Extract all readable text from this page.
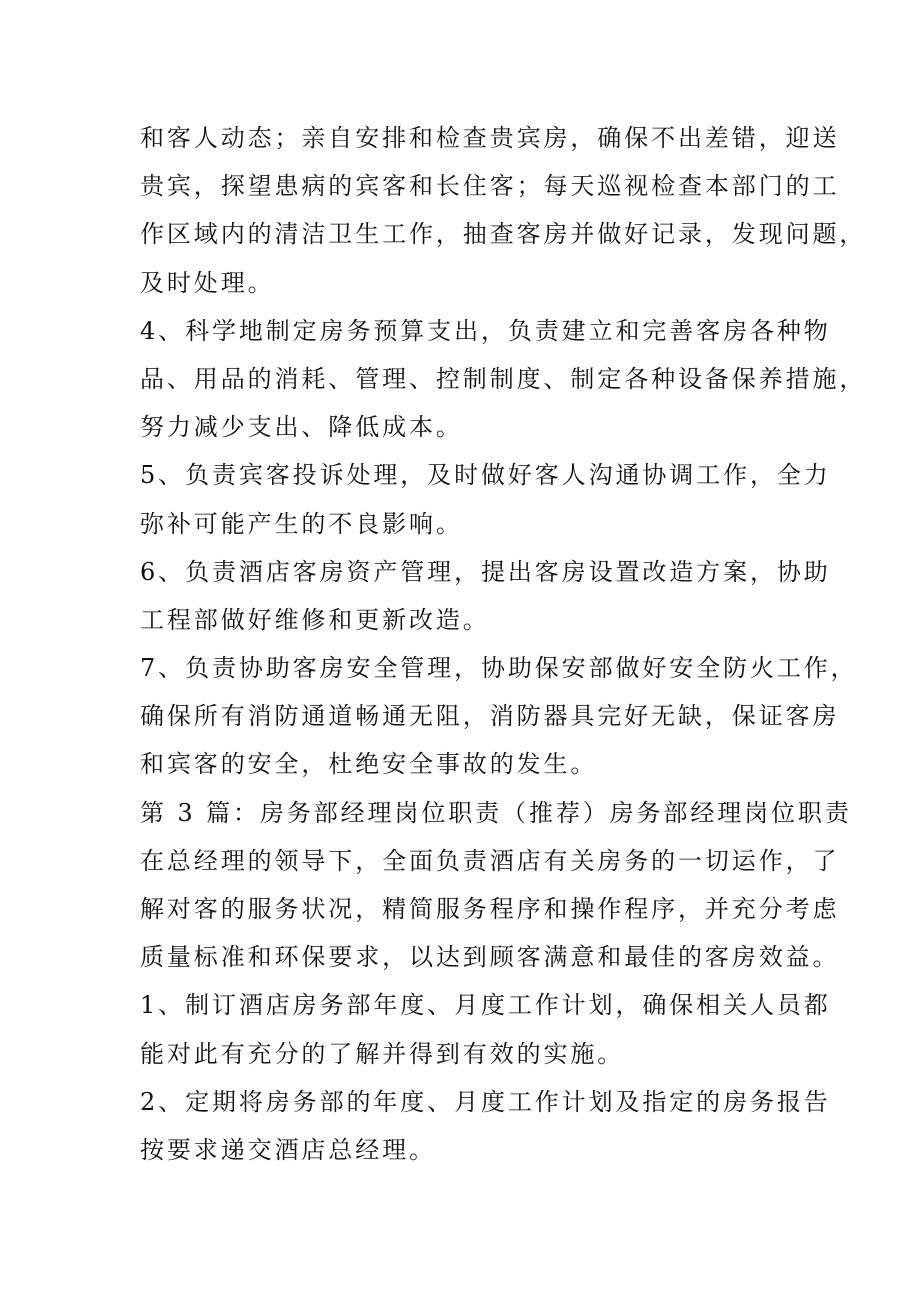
和客人动态；亲自安排和检查贵宾房，确保不出差错，迎送

贵宾，探望患病的宾客和长住客；每天巡视检查本部门的工

作区域内的清洁卫生工作，抽查客房并做好记录，发现问题，

及时处理。

4、科学地制定房务预算支出，负责建立和完善客房各种物

品、用品的消耗、管理、控制制度、制定各种设备保养措施，

努力减少支出、降低成本。

5、负责宾客投诉处理，及时做好客人沟通协调工作，全力

弥补可能产生的不良影响。

6、负责酒店客房资产管理，提出客房设置改造方案，协助

工程部做好维修和更新改造。

7、负责协助客房安全管理，协助保安部做好安全防火工作，

确保所有消防通道畅通无阻，消防器具完好无缺，保证客房

和宾客的安全，杜绝安全事故的发生。

第 3 篇：房务部经理岗位职责（推荐）房务部经理岗位职责

在总经理的领导下，全面负责酒店有关房务的一切运作，了

解对客的服务状况，精简服务程序和操作程序，并充分考虑

质量标准和环保要求，以达到顾客满意和最佳的客房效益。

1、制订酒店房务部年度、月度工作计划，确保相关人员都

能对此有充分的了解并得到有效的实施。

2、定期将房务部的年度、月度工作计划及指定的房务报告

按要求递交酒店总经理。
